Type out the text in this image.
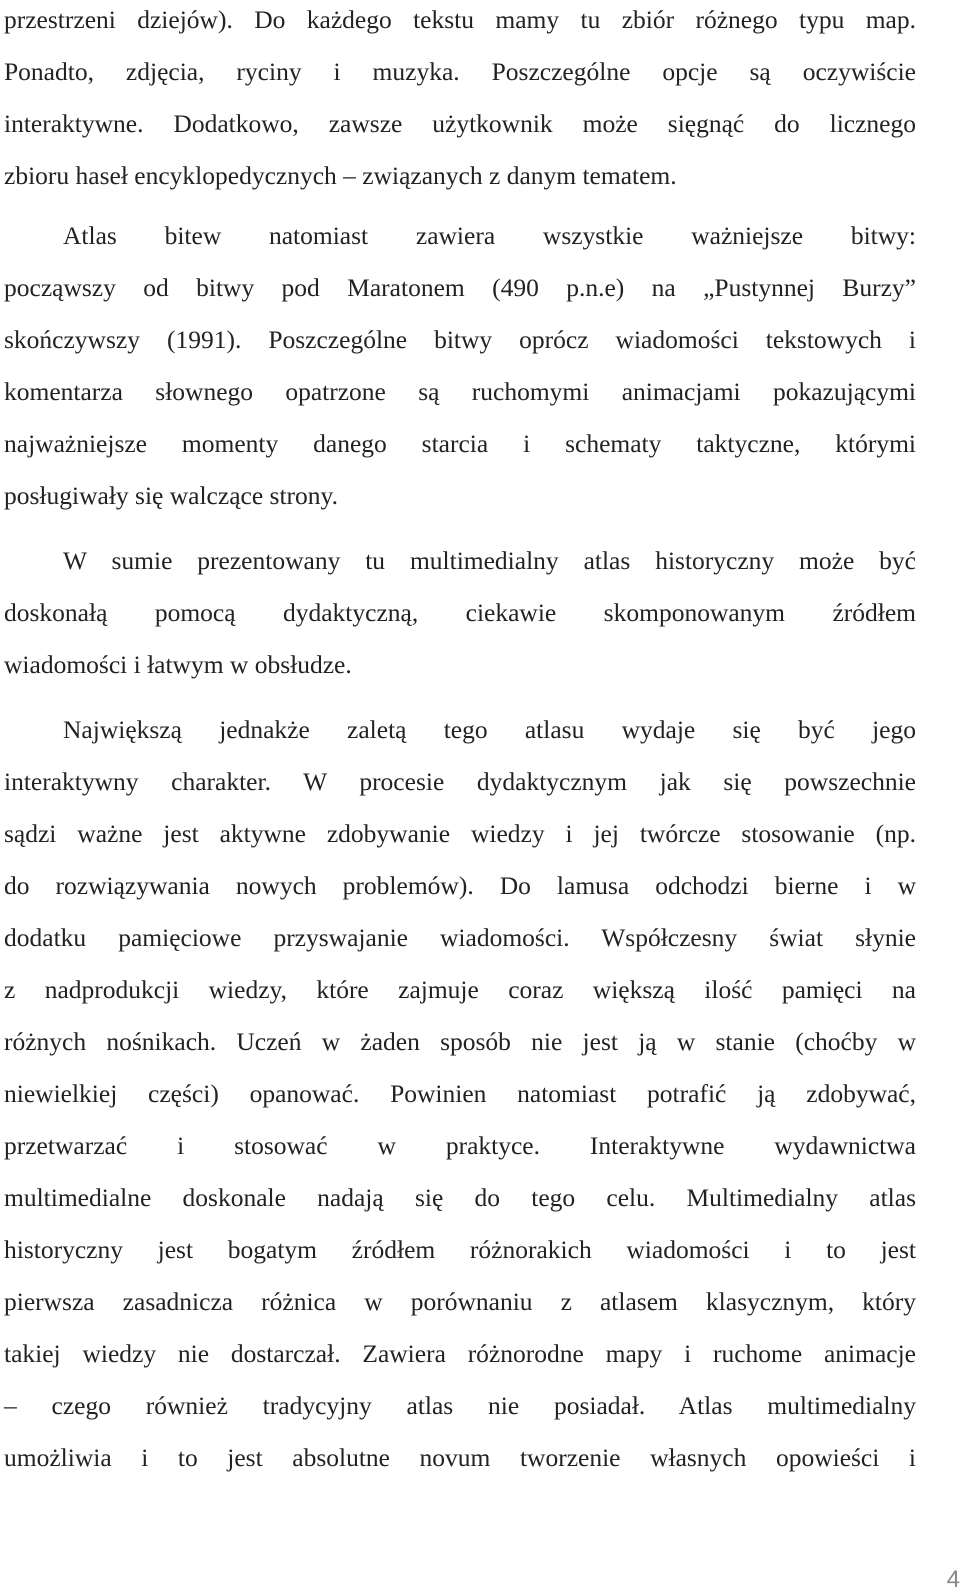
przestrzeni dziejów). Do każdego tekstu mamy tu zbiór różnego typu map.
Ponadto, zdjęcia, ryciny i muzyka. Poszczególne opcje są oczywiście
interaktywne. Dodatkowo, zawsze użytkownik może sięgnąć do licznego
zbioru haseł encyklopedycznych – związanych z danym tematem.
Atlas bitew natomiast zawiera wszystkie ważniejsze bitwy:
począwszy od bitwy pod Maratonem (490 p.n.e) na „Pustynnej Burzy”
skończywszy (1991). Poszczególne bitwy oprócz wiadomości tekstowych i
komentarza słownego opatrzone są ruchomymi animacjami pokazującymi
najważniejsze momenty danego starcia i schematy taktyczne, którymi
posługiwały się walczące strony.
W sumie prezentowany tu multimedialny atlas historyczny może być
doskonałą pomocą dydaktyczną, ciekawie skomponowanym źródłem
wiadomości i łatwym w obsłudze.
Największą jednakże zaletą tego atlasu wydaje się być jego
interaktywny charakter. W procesie dydaktycznym jak się powszechnie
sądzi ważne jest aktywne zdobywanie wiedzy i jej twórcze stosowanie (np.
do rozwiązywania nowych problemów). Do lamusa odchodzi bierne i w
dodatku pamięciowe przyswajanie wiadomości. Współczesny świat słynie
z nadprodukcji wiedzy, które zajmuje coraz większą ilość pamięci na
różnych nośnikach. Uczeń w żaden sposób nie jest ją w stanie (choćby w
niewielkiej części) opanować. Powinien natomiast potrafić ją zdobywać,
przetwarzać i stosować w praktyce. Interaktywne wydawnictwa
multimedialne doskonale nadają się do tego celu. Multimedialny atlas
historyczny jest bogatym źródłem różnorakich wiadomości i to jest
pierwsza zasadnicza różnica w porównaniu z atlasem klasycznym, który
takiej wiedzy nie dostarczał. Zawiera różnorodne mapy i ruchome animacje
– czego również tradycyjny atlas nie posiadał. Atlas multimedialny
umożliwia i to jest absolutne novum tworzenie własnych opowieści i
4
